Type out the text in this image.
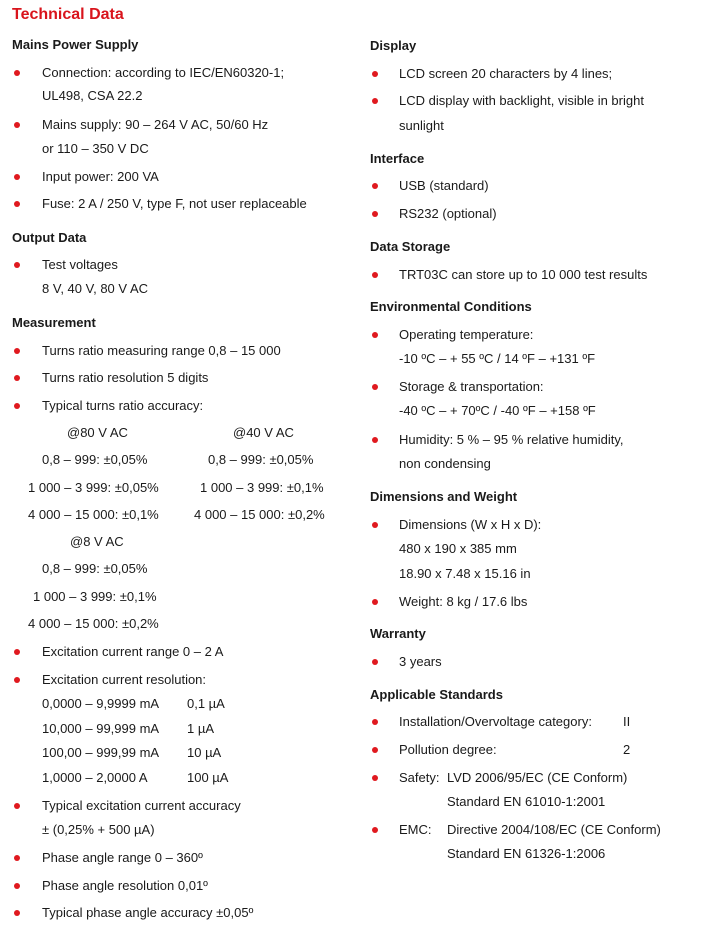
Technical Data
Mains Power Supply
Connection: according to IEC/EN60320-1;
UL498, CSA 22.2
Mains supply: 90 – 264 V AC, 50/60 Hz
or 110 – 350 V DC
Input power: 200 VA
Fuse: 2 A / 250 V, type F, not user replaceable
Output Data
Test voltages
8 V, 40 V, 80 V AC
Measurement
Turns ratio measuring range 0,8 – 15 000
Turns ratio resolution 5 digits
Typical turns ratio accuracy:
@80 V AC	@40 V AC
0,8 – 999: ±0,05%	0,8 – 999: ±0,05%
1 000 – 3 999: ±0,05%	1 000 – 3 999: ±0,1%
4 000 – 15 000: ±0,1%	4 000 – 15 000: ±0,2%
@8 V AC
0,8 – 999: ±0,05%
1 000 – 3 999: ±0,1%
4 000 – 15 000: ±0,2%
Excitation current range 0 – 2 A
Excitation current resolution:
0,0000 – 9,9999 mA 0,1 µA
10,000 – 99,999 mA 1 µA
100,00 – 999,99 mA 10 µA
1,0000 – 2,0000 A	100 µA
Typical excitation current accuracy
± (0,25% + 500 µA)
Phase angle range 0 – 360º
Phase angle resolution 0,01º
Typical phase angle accuracy ±0,05º
Display
LCD screen 20 characters by 4 lines;
LCD display with backlight, visible in bright
sunlight
Interface
USB (standard)
RS232 (optional)
Data Storage
TRT03C can store up to 10 000 test results
Environmental Conditions
Operating temperature:
-10 ºC – + 55 ºC / 14 ºF – +131 ºF
Storage & transportation:
-40 ºC – + 70ºC / -40 ºF – +158 ºF
Humidity: 5 % – 95 % relative humidity,
non condensing
Dimensions and Weight
Dimensions (W x H x D):
480 x 190 x 385 mm
18.90 x 7.48 x 15.16 in
Weight: 8 kg / 17.6 lbs
Warranty
3 years
Applicable Standards
Installation/Overvoltage category: II
Pollution degree:	2
Safety: LVD 2006/95/EC (CE Conform)
Standard EN 61010-1:2001
EMC: Directive 2004/108/EC (CE Conform)
Standard EN 61326-1:2006
